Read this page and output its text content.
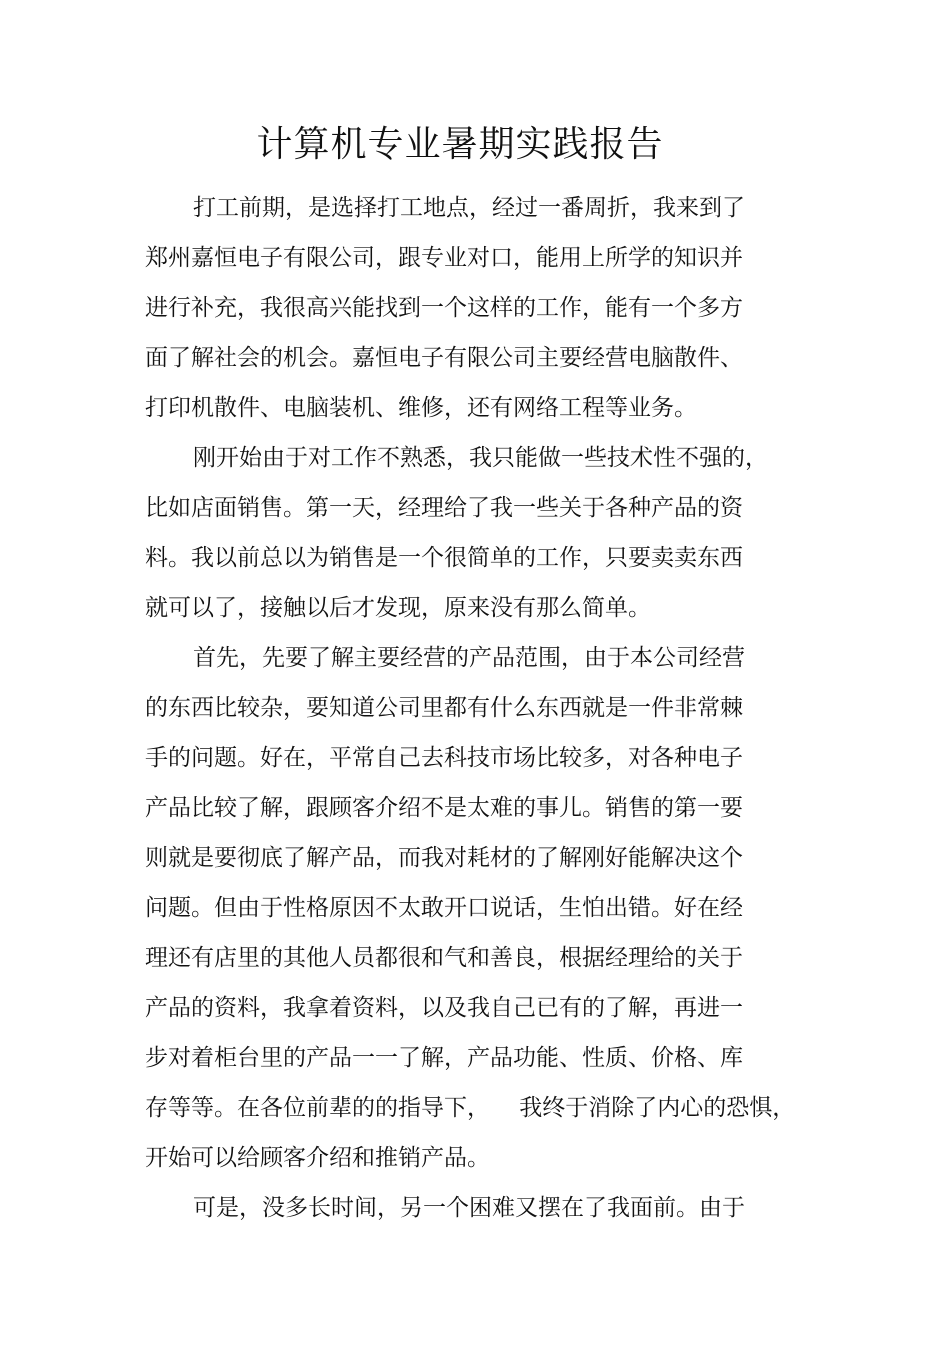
计算机专业暑期实践报告

打工前期，是选择打工地点，经过一番周折，我来到了

郑州嘉恒电子有限公司，跟专业对口，能用上所学的知识并

进行补充，我很高兴能找到一个这样的工作，能有一个多方

面了解社会的机会。嘉恒电子有限公司主要经营电脑散件、

打印机散件、电脑装机、维修，还有网络工程等业务。

刚开始由于对工作不熟悉，我只能做一些技术性不强的，

比如店面销售。第一天，经理给了我一些关于各种产品的资

料。我以前总以为销售是一个很简单的工作，只要卖卖东西

就可以了，接触以后才发现，原来没有那么简单。

首先，先要了解主要经营的产品范围，由于本公司经营

的东西比较杂，要知道公司里都有什么东西就是一件非常棘

手的问题。好在，平常自己去科技市场比较多，对各种电子

产品比较了解，跟顾客介绍不是太难的事儿。销售的第一要

则就是要彻底了解产品，而我对耗材的了解刚好能解决这个

问题。但由于性格原因不太敢开口说话，生怕出错。好在经

理还有店里的其他人员都很和气和善良，根据经理给的关于

产品的资料，我拿着资料，以及我自己已有的了解，再进一

步对着柜台里的产品一一了解，产品功能、性质、价格、库

存等等。在各位前辈的的指导下，    我终于消除了内心的恐惧，

开始可以给顾客介绍和推销产品。

可是，没多长时间，另一个困难又摆在了我面前。由于
